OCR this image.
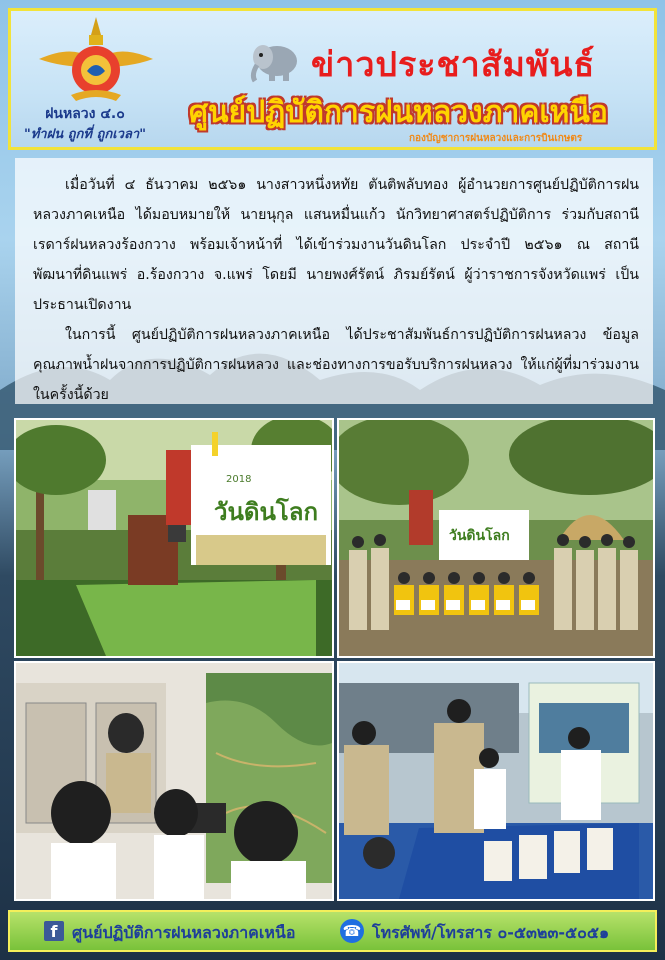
ฝนหลวง ๔.๐
"ทำฝน ถูกที่ ถูกเวลา"
ข่าวประชาสัมพันธ์
ศูนย์ปฏิบัติการฝนหลวงภาคเหนือ
กองบัญชาการฝนหลวงและการบินเกษตร

เมื่อวันที่ ๔ ธันวาคม ๒๕๖๑ นางสาวหนึ่งหทัย ตันติพลับทอง ผู้อำนวยการศูนย์ปฏิบัติการฝนหลวงภาคเหนือ ได้มอบหมายให้ นายนุกุล แสนหมื่นแก้ว นักวิทยาศาสตร์ปฏิบัติการ ร่วมกับสถานีเรดาร์ฝนหลวงร้องกวาง พร้อมเจ้าหน้าที่ ได้เข้าร่วมงานวันดินโลก ประจำปี ๒๕๖๑ ณ สถานีพัฒนาที่ดินแพร่ อ.ร้องกวาง จ.แพร่ โดยมี นายพงศ์รัตน์ ภิรมย์รัตน์ ผู้ว่าราชการจังหวัดแพร่ เป็นประธานเปิดงาน

ในการนี้ ศูนย์ปฏิบัติการฝนหลวงภาคเหนือ ได้ประชาสัมพันธ์การปฏิบัติการฝนหลวง ข้อมูลคุณภาพน้ำฝนจากการปฏิบัติการฝนหลวง และช่องทางการขอรับบริการฝนหลวง ให้แก่ผู้ที่มาร่วมงานในครั้งนี้ด้วย

2018
วันดินโลก
วันดินโลก
f ศูนย์ปฏิบัติการฝนหลวงภาคเหนือ	☎ โทรศัพท์/โทรสาร ๐-๕๓๒๓-๕๐๕๑
